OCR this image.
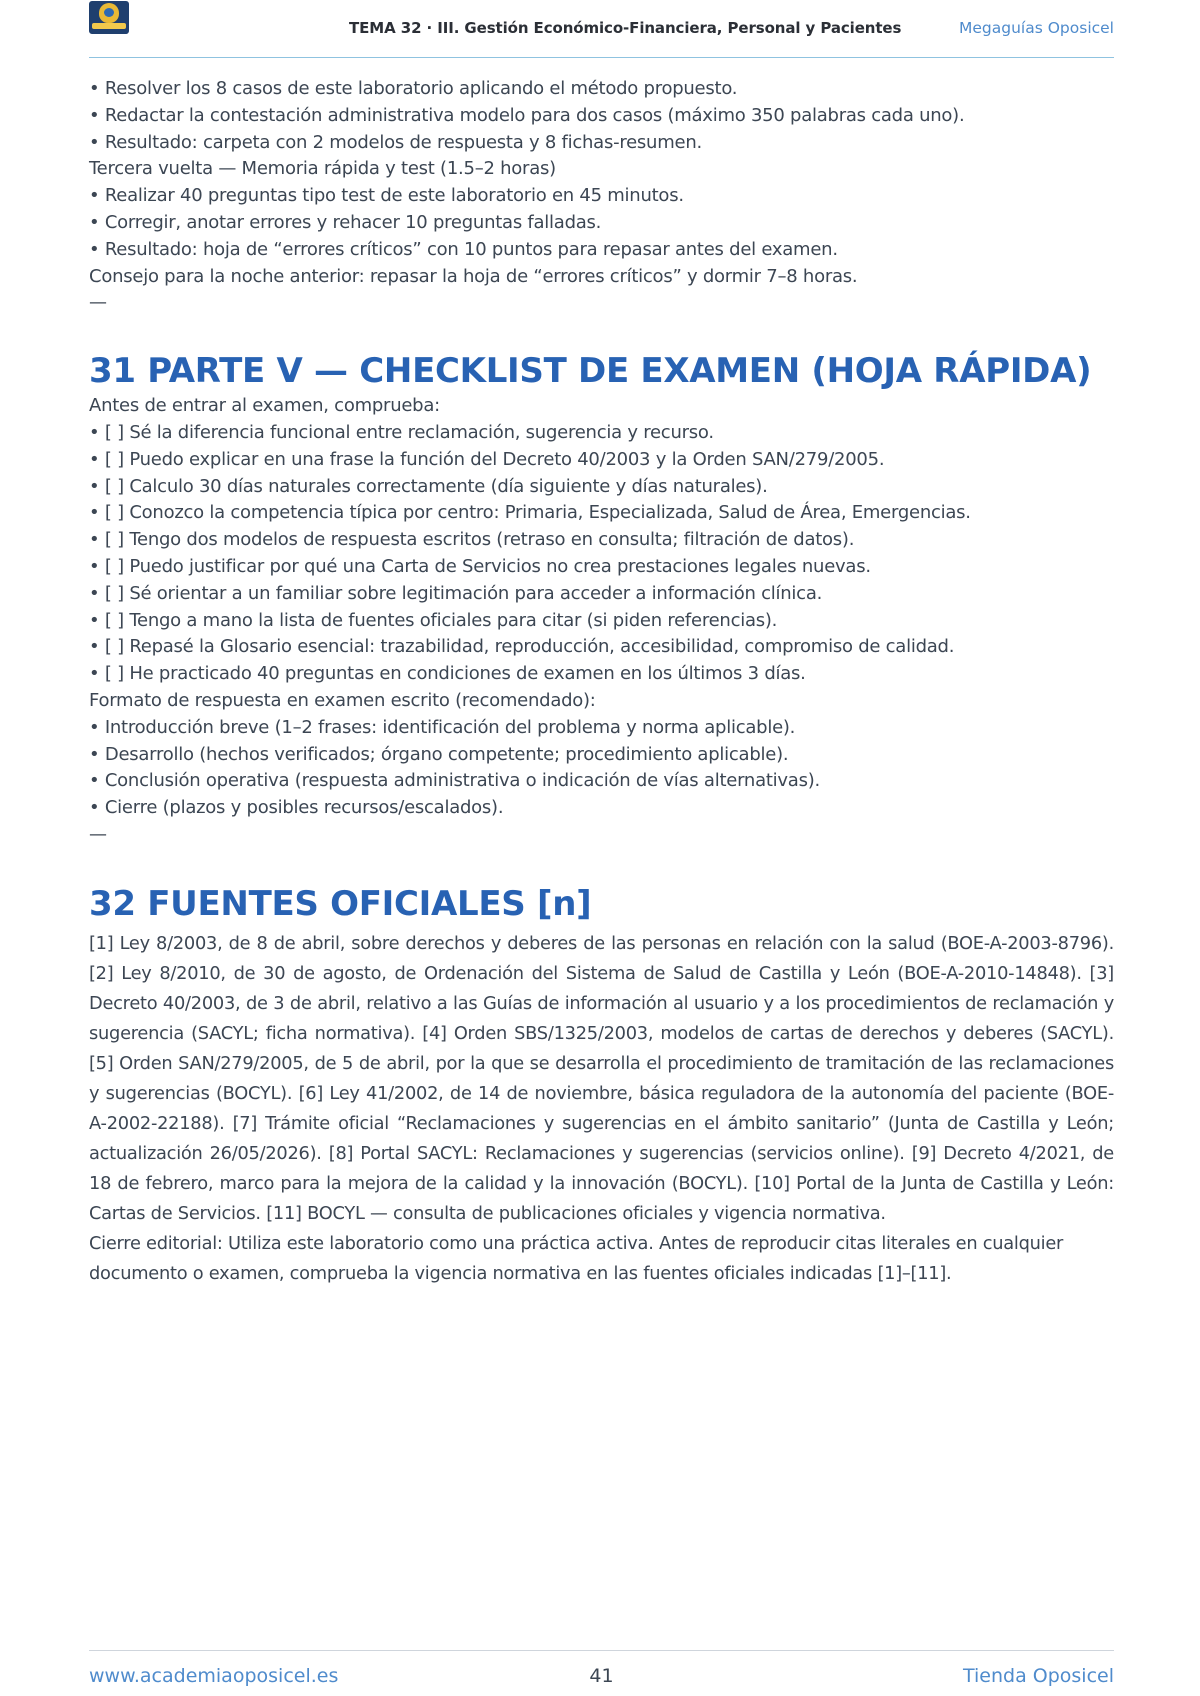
TEMA 32 · III. Gestión Económico-Financiera, Personal y Pacientes	Megaguías Oposicel
• Resolver los 8 casos de este laboratorio aplicando el método propuesto.
• Redactar la contestación administrativa modelo para dos casos (máximo 350 palabras cada uno).
• Resultado: carpeta con 2 modelos de respuesta y 8 fichas-resumen.
Tercera vuelta — Memoria rápida y test (1.5–2 horas)
• Realizar 40 preguntas tipo test de este laboratorio en 45 minutos.
• Corregir, anotar errores y rehacer 10 preguntas falladas.
• Resultado: hoja de “errores críticos” con 10 puntos para repasar antes del examen.
Consejo para la noche anterior: repasar la hoja de “errores críticos” y dormir 7–8 horas.
—
31 PARTE V — CHECKLIST DE EXAMEN (HOJA RÁPIDA)
Antes de entrar al examen, comprueba:
• [ ] Sé la diferencia funcional entre reclamación, sugerencia y recurso.
• [ ] Puedo explicar en una frase la función del Decreto 40/2003 y la Orden SAN/279/2005.
• [ ] Calculo 30 días naturales correctamente (día siguiente y días naturales).
• [ ] Conozco la competencia típica por centro: Primaria, Especializada, Salud de Área, Emergencias.
• [ ] Tengo dos modelos de respuesta escritos (retraso en consulta; filtración de datos).
• [ ] Puedo justificar por qué una Carta de Servicios no crea prestaciones legales nuevas.
• [ ] Sé orientar a un familiar sobre legitimación para acceder a información clínica.
• [ ] Tengo a mano la lista de fuentes oficiales para citar (si piden referencias).
• [ ] Repasé la Glosario esencial: trazabilidad, reproducción, accesibilidad, compromiso de calidad.
• [ ] He practicado 40 preguntas en condiciones de examen en los últimos 3 días.
Formato de respuesta en examen escrito (recomendado):
• Introducción breve (1–2 frases: identificación del problema y norma aplicable).
• Desarrollo (hechos verificados; órgano competente; procedimiento aplicable).
• Conclusión operativa (respuesta administrativa o indicación de vías alternativas).
• Cierre (plazos y posibles recursos/escalados).
—
32 FUENTES OFICIALES [n]

[1] Ley 8/2003, de 8 de abril, sobre derechos y deberes de las personas en relación con la salud (BOE-A-2003-8796). [2] Ley 8/2010, de 30 de agosto, de Ordenación del Sistema de Salud de Castilla y León (BOE-A-2010-14848). [3] Decreto 40/2003, de 3 de abril, relativo a las Guías de información al usuario y a los procedimientos de reclamación y sugerencia (SACYL; ficha normativa). [4] Orden SBS/1325/2003, modelos de cartas de derechos y deberes (SACYL). [5] Orden SAN/279/2005, de 5 de abril, por la que se desarrolla el procedimiento de tramitación de las reclamaciones y sugerencias (BOCYL). [6] Ley 41/2002, de 14 de noviembre, básica reguladora de la autonomía del paciente (BOE-A-2002-22188). [7] Trámite oficial “Reclamaciones y sugerencias en el ámbito sanitario” (Junta de Castilla y León; actualización 26/05/2026). [8] Portal SACYL: Reclamaciones y sugerencias (servicios online). [9] Decreto 4/2021, de 18 de febrero, marco para la mejora de la calidad y la innovación (BOCYL). [10] Portal de la Junta de Castilla y León: Cartas de Servicios. [11] BOCYL — consulta de publicaciones oficiales y vigencia normativa.

Cierre editorial: Utiliza este laboratorio como una práctica activa. Antes de reproducir citas literales en cualquier documento o examen, comprueba la vigencia normativa en las fuentes oficiales indicadas [1]–[11].
41
www.academiaoposicel.es	Tienda Oposicel
